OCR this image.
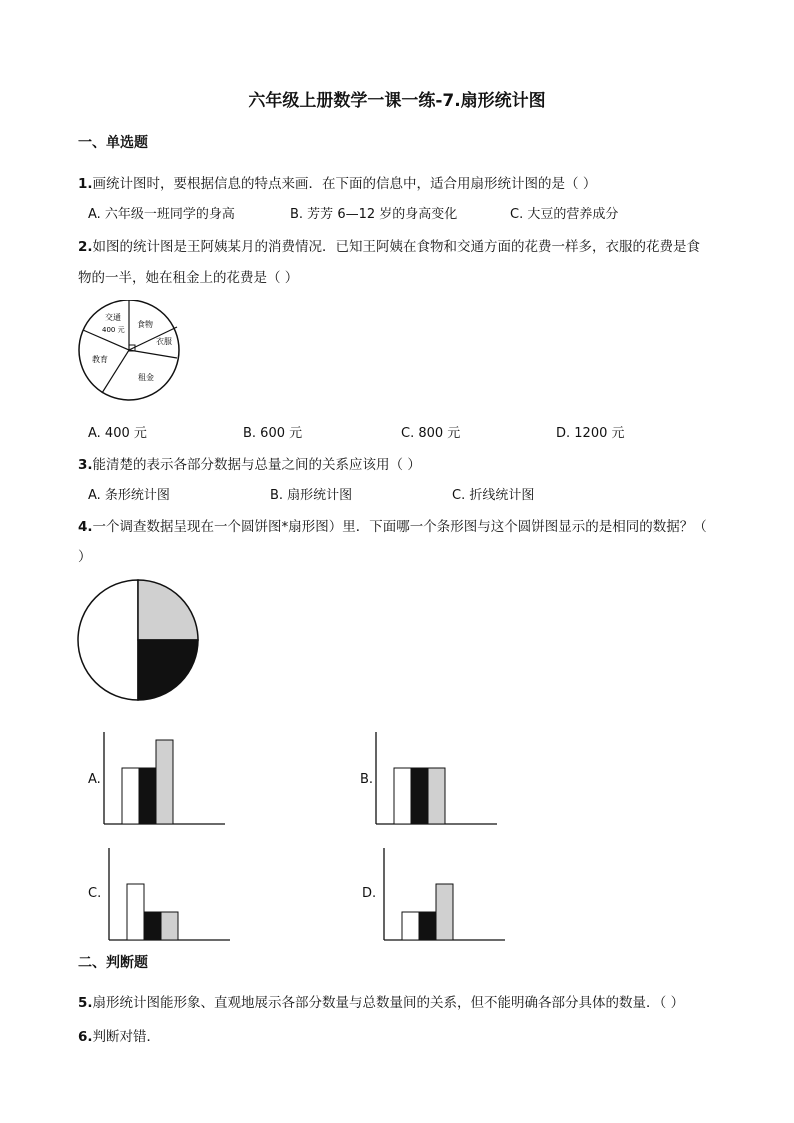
六年级上册数学一课一练-7.扇形统计图
一、单选题
1.画统计图时，要根据信息的特点来画．在下面的信息中，适合用扇形统计图的是（ ）
A. 六年级一班同学的身高	B. 芳芳 6—12 岁的身高变化	C. 大豆的营养成分
2.如图的统计图是王阿姨某月的消费情况．已知王阿姨在食物和交通方面的花费一样多，衣服的花费是食
物的一半，她在租金上的花费是（ ）
交通
400 元
食物
衣服
教育
租金
A. 400 元	B. 600 元	C. 800 元	D. 1200 元
3.能清楚的表示各部分数据与总量之间的关系应该用（ ）
A. 条形统计图	B. 扇形统计图	C. 折线统计图
4.一个调查数据呈现在一个圆饼图*扇形图）里．下面哪一个条形图与这个圆饼图显示的是相同的数据？（
）
A.	B.
C.	D.
二、判断题
5.扇形统计图能形象、直观地展示各部分数量与总数量间的关系，但不能明确各部分具体的数量．（ ）
6.判断对错．
